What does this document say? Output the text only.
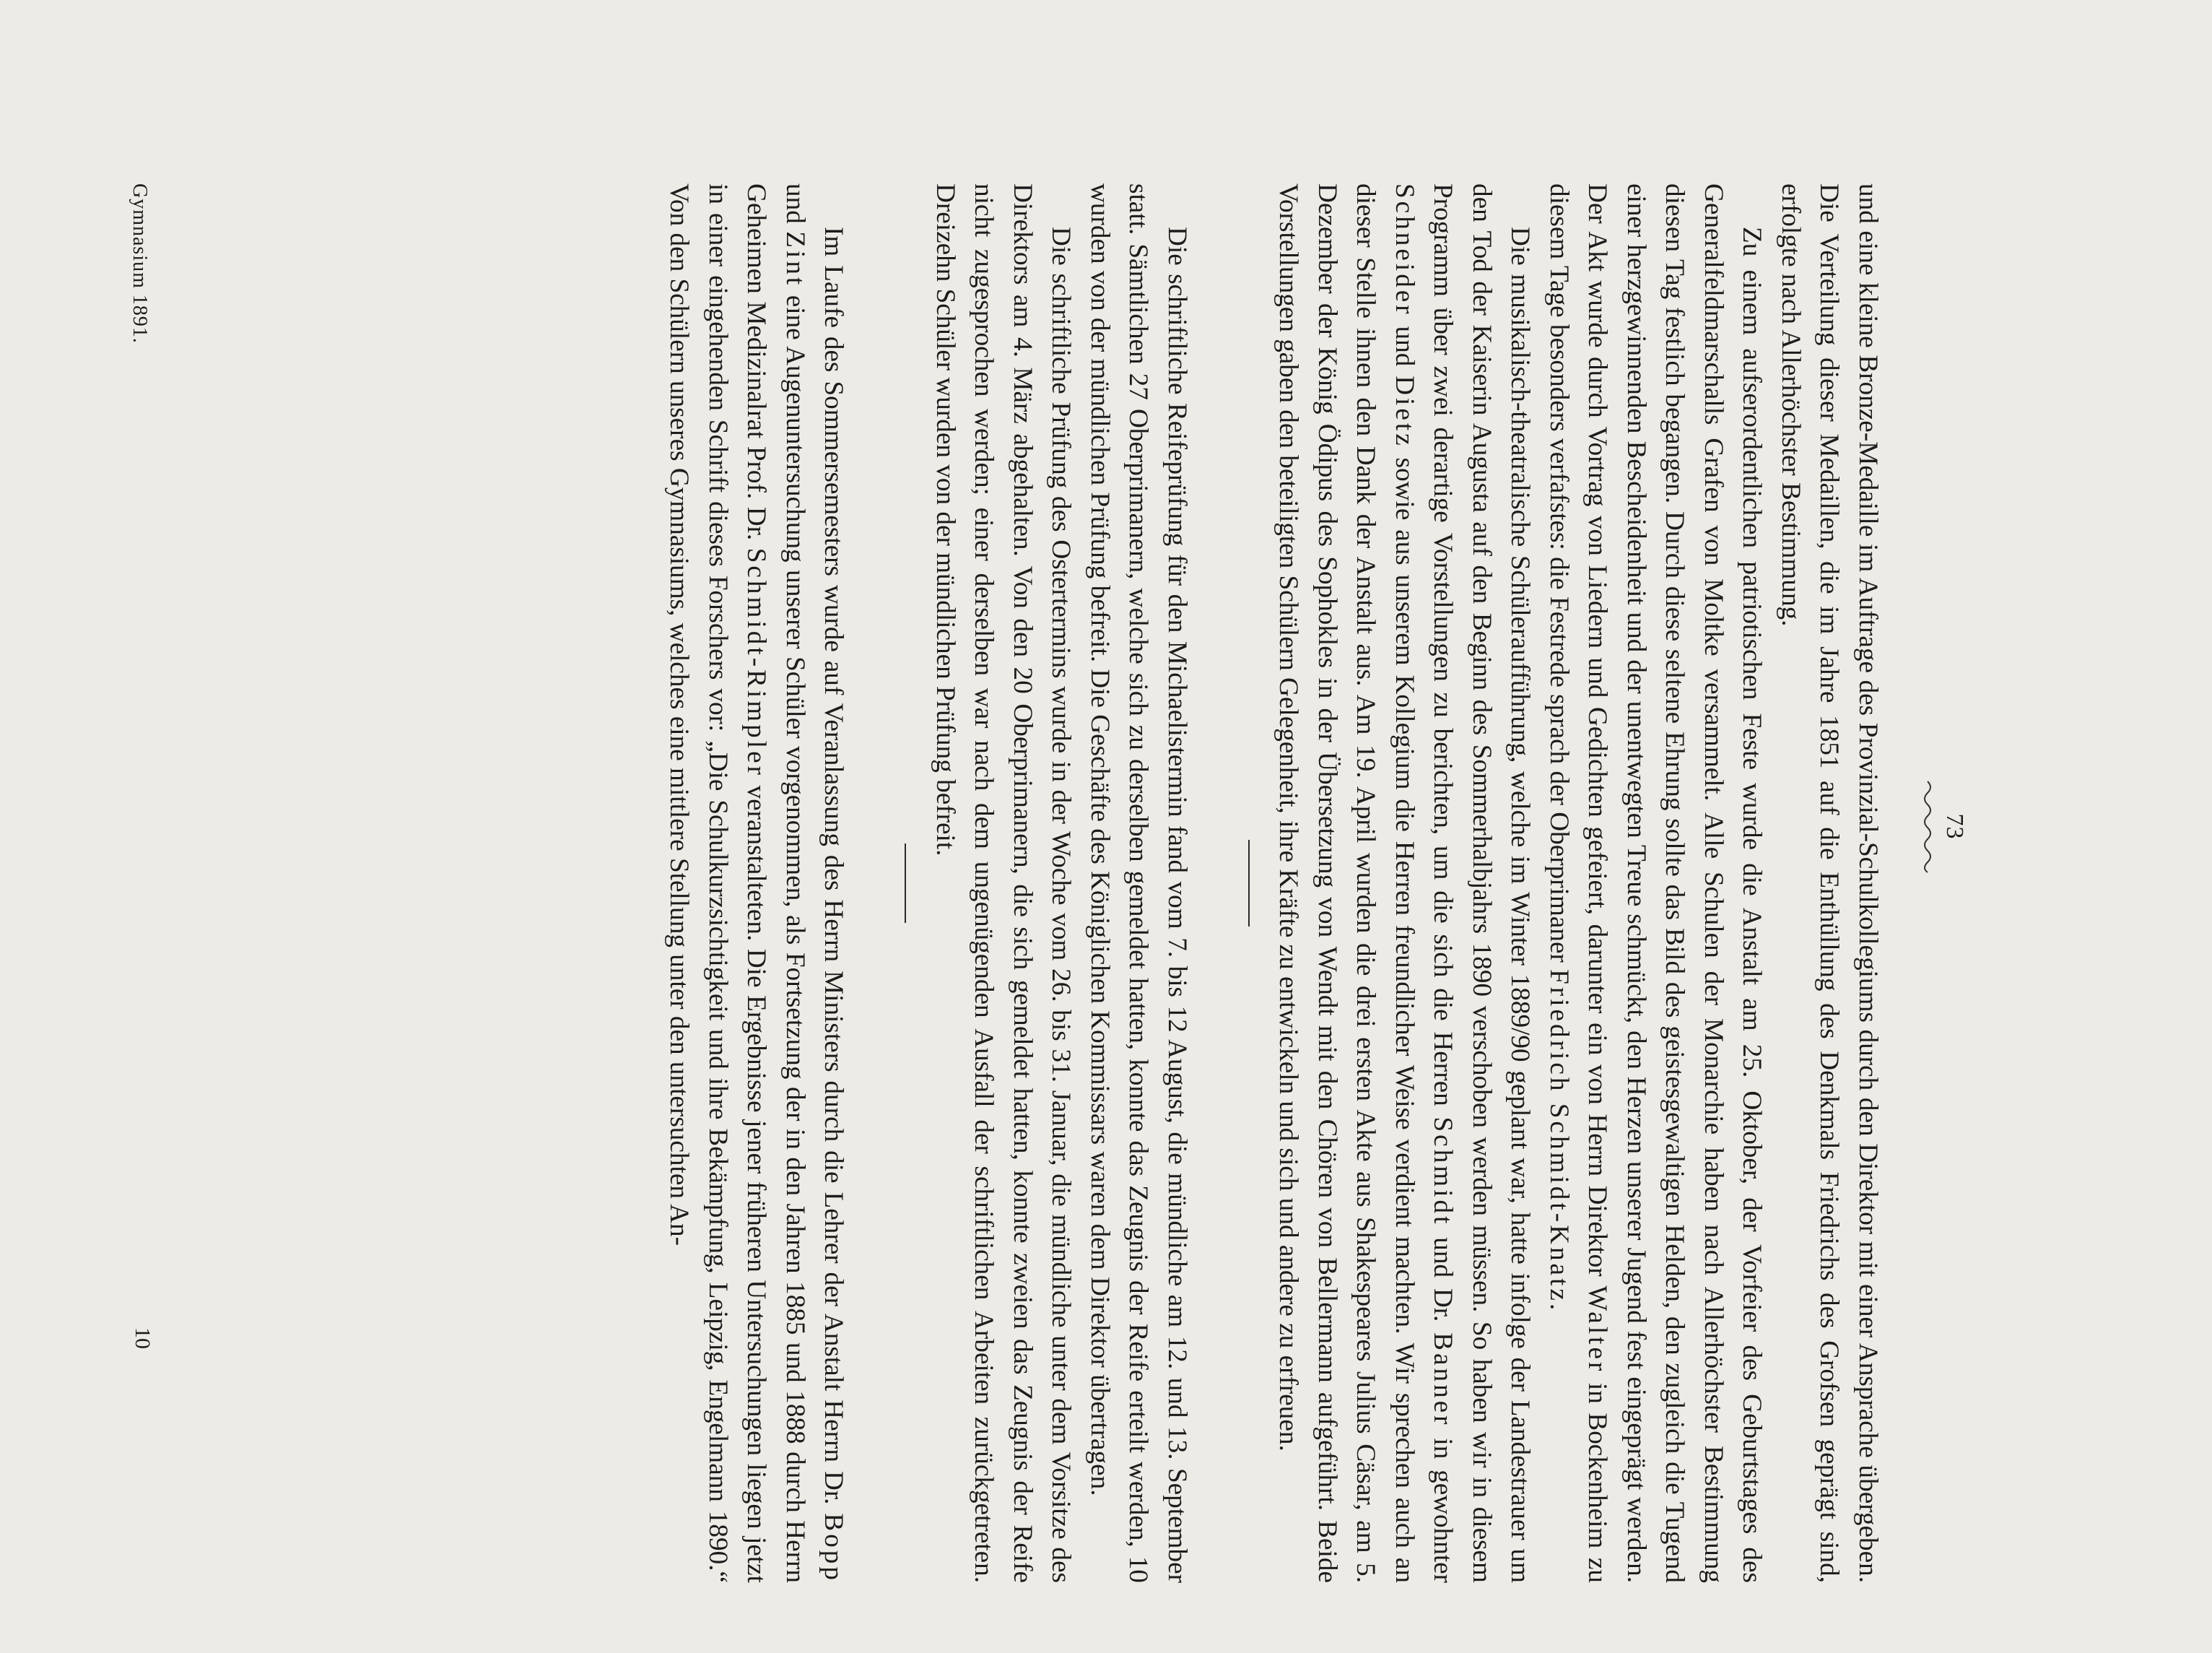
73

und eine kleine Bronze-Medaille im Auftrage des Provinzial-Schulkollegiums durch den Direktor mit einer Ansprache übergeben. Die Verteilung dieser Medaillen, die im Jahre 1851 auf die Enthüllung des Denkmals Friedrichs des Grofsen geprägt sind, erfolgte nach Allerhöchster Bestimmung.

Zu einem aufserordentlichen patriotischen Feste wurde die Anstalt am 25. Oktober, der Vorfeier des Geburtstages des Generalfeldmarschalls Grafen von Moltke versammelt. Alle Schulen der Monarchie haben nach Allerhöchster Bestimmung diesen Tag festlich begangen. Durch diese seltene Ehrung sollte das Bild des geistesgewaltigen Helden, den zugleich die Tugend einer herzgewinnenden Bescheidenheit und der unentwegten Treue schmückt, den Herzen unserer Jugend fest eingeprägt werden. Der Akt wurde durch Vortrag von Liedern und Gedichten gefeiert, darunter ein von Herrn Direktor Walter in Bockenheim zu diesem Tage besonders verfafstes: die Festrede sprach der Oberprimaner Friedrich Schmidt-Knatz.

Die musikalisch-theatralische Schüleraufführung, welche im Winter 1889/90 geplant war, hatte infolge der Landestrauer um den Tod der Kaiserin Augusta auf den Beginn des Sommerhalbjahrs 1890 verschoben werden müssen. So haben wir in diesem Programm über zwei derartige Vorstellungen zu berichten, um die sich die Herren Schmidt und Dr. Banner in gewohnter Schneider und Dietz sowie aus unserem Kollegium die Herren freundlicher Weise verdient machten. Wir sprechen auch an dieser Stelle ihnen den Dank der Anstalt aus. Am 19. April wurden die drei ersten Akte aus Shakespeares Julius Cäsar, am 5. Dezember der König Ödipus des Sophokles in der Übersetzung von Wendt mit den Chören von Bellermann aufgeführt. Beide Vorstellungen gaben den beteiligten Schülern Gelegenheit, ihre Kräfte zu entwickeln und sich und andere zu erfreuen.

Die schriftliche Reifeprüfung für den Michaelistermin fand vom 7. bis 12 August, die mündliche am 12. und 13. September statt. Sämtlichen 27 Oberprimanern, welche sich zu derselben gemeldet hatten, konnte das Zeugnis der Reife erteilt werden, 10 wurden von der mündlichen Prüfung befreit. Die Geschäfte des Königlichen Kommissars waren dem Direktor übertragen.

Die schriftliche Prüfung des Ostertermins wurde in der Woche vom 26. bis 31. Januar, die mündliche unter dem Vorsitze des Direktors am 4. März abgehalten. Von den 20 Oberprimanern, die sich gemeldet hatten, konnte zweien das Zeugnis der Reife nicht zugesprochen werden; einer derselben war nach dem ungenügenden Ausfall der schriftlichen Arbeiten zurückgetreten. Dreizehn Schüler wurden von der mündlichen Prüfung befreit.

Im Laufe des Sommersemesters wurde auf Veranlassung des Herrn Ministers durch die Lehrer der Anstalt Herrn Dr. Bopp und Zint eine Augenuntersuchung unserer Schüler vorgenommen, als Fortsetzung der in den Jahren 1885 und 1888 durch Herrn Geheimen Medizinalrat Prof. Dr. Schmidt-Rimpler veranstalteten. Die Ergebnisse jener früheren Untersuchungen liegen jetzt in einer eingehenden Schrift dieses Forschers vor: „Die Schulkurzsichtigkeit und ihre Bekämpfung, Leipzig, Engelmann 1890.“ Von den Schülern unseres Gymnasiums, welches eine mittlere Stellung unter den untersuchten An-

Gymnasium 1891.
10
